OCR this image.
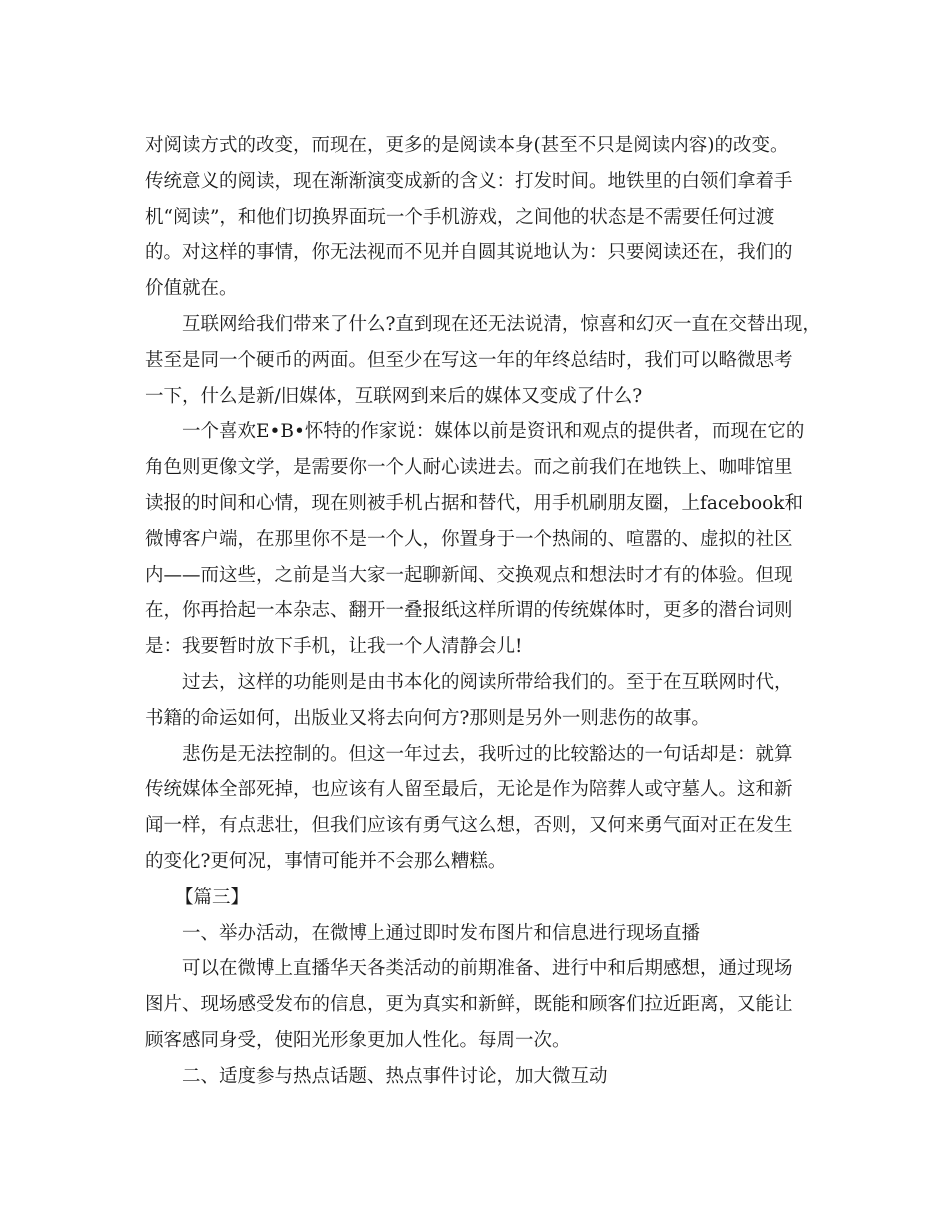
对阅读方式的改变，而现在，更多的是阅读本身(甚至不只是阅读内容)的改变。
传统意义的阅读，现在渐渐演变成新的含义：打发时间。地铁里的白领们拿着手
机“阅读”，和他们切换界面玩一个手机游戏，之间他的状态是不需要任何过渡
的。对这样的事情，你无法视而不见并自圆其说地认为：只要阅读还在，我们的
价值就在。
互联网给我们带来了什么?直到现在还无法说清，惊喜和幻灭一直在交替出现，
甚至是同一个硬币的两面。但至少在写这一年的年终总结时，我们可以略微思考
一下，什么是新/旧媒体，互联网到来后的媒体又变成了什么?
一个喜欢E•B•怀特的作家说：媒体以前是资讯和观点的提供者，而现在它的
角色则更像文学，是需要你一个人耐心读进去。而之前我们在地铁上、咖啡馆里
读报的时间和心情，现在则被手机占据和替代，用手机刷朋友圈，上facebook和
微博客户端，在那里你不是一个人，你置身于一个热闹的、喧嚣的、虚拟的社区
内——而这些，之前是当大家一起聊新闻、交换观点和想法时才有的体验。但现
在，你再拾起一本杂志、翻开一叠报纸这样所谓的传统媒体时，更多的潜台词则
是：我要暂时放下手机，让我一个人清静会儿!
过去，这样的功能则是由书本化的阅读所带给我们的。至于在互联网时代，
书籍的命运如何，出版业又将去向何方?那则是另外一则悲伤的故事。
悲伤是无法控制的。但这一年过去，我听过的比较豁达的一句话却是：就算
传统媒体全部死掉，也应该有人留至最后，无论是作为陪葬人或守墓人。这和新
闻一样，有点悲壮，但我们应该有勇气这么想，否则，又何来勇气面对正在发生
的变化?更何况，事情可能并不会那么糟糕。
【篇三】
一、举办活动，在微博上通过即时发布图片和信息进行现场直播
可以在微博上直播华天各类活动的前期准备、进行中和后期感想，通过现场
图片、现场感受发布的信息，更为真实和新鲜，既能和顾客们拉近距离，又能让
顾客感同身受，使阳光形象更加人性化。每周一次。
二、适度参与热点话题、热点事件讨论，加大微互动
